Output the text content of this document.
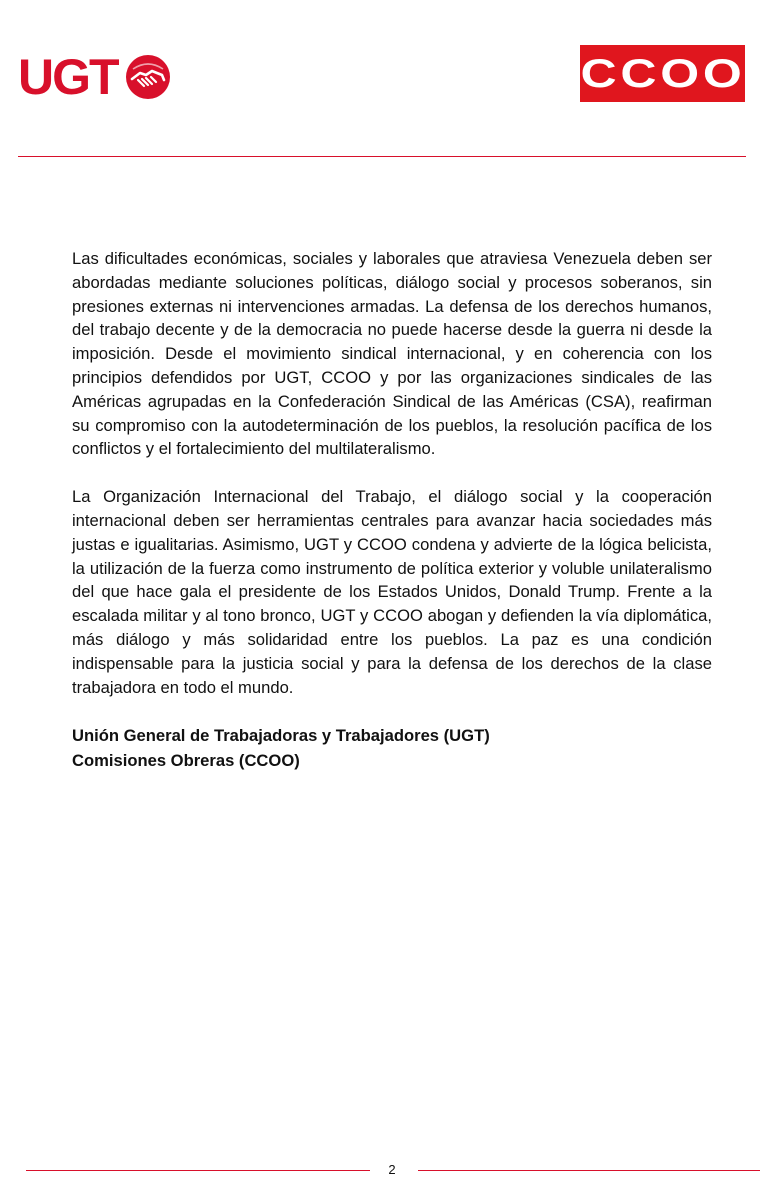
UGT	CCOO

Las dificultades económicas, sociales y laborales que atraviesa Venezuela deben ser abordadas mediante soluciones políticas, diálogo social y procesos soberanos, sin presiones externas ni intervenciones armadas. La defensa de los derechos humanos, del trabajo decente y de la democracia no puede hacerse desde la guerra ni desde la imposición. Desde el movimiento sindical internacional, y en coherencia con los principios defendidos por UGT, CCOO y por las organizaciones sindicales de las Américas agrupadas en la Confederación Sindical de las Américas (CSA), reafirman su compromiso con la autodeterminación de los pueblos, la resolución pacífica de los conflictos y el fortalecimiento del multilateralismo.

La Organización Internacional del Trabajo, el diálogo social y la cooperación internacional deben ser herramientas centrales para avanzar hacia sociedades más justas e igualitarias. Asimismo, UGT y CCOO condena y advierte de la lógica belicista, la utilización de la fuerza como instrumento de política exterior y voluble unilateralismo del que hace gala el presidente de los Estados Unidos, Donald Trump. Frente a la escalada militar y al tono bronco, UGT y CCOO abogan y defienden la vía diplomática, más diálogo y más solidaridad entre los pueblos. La paz es una condición indispensable para la justicia social y para la defensa de los derechos de la clase trabajadora en todo el mundo.

Unión General de Trabajadoras y Trabajadores (UGT)

Comisiones Obreras (CCOO)

2
